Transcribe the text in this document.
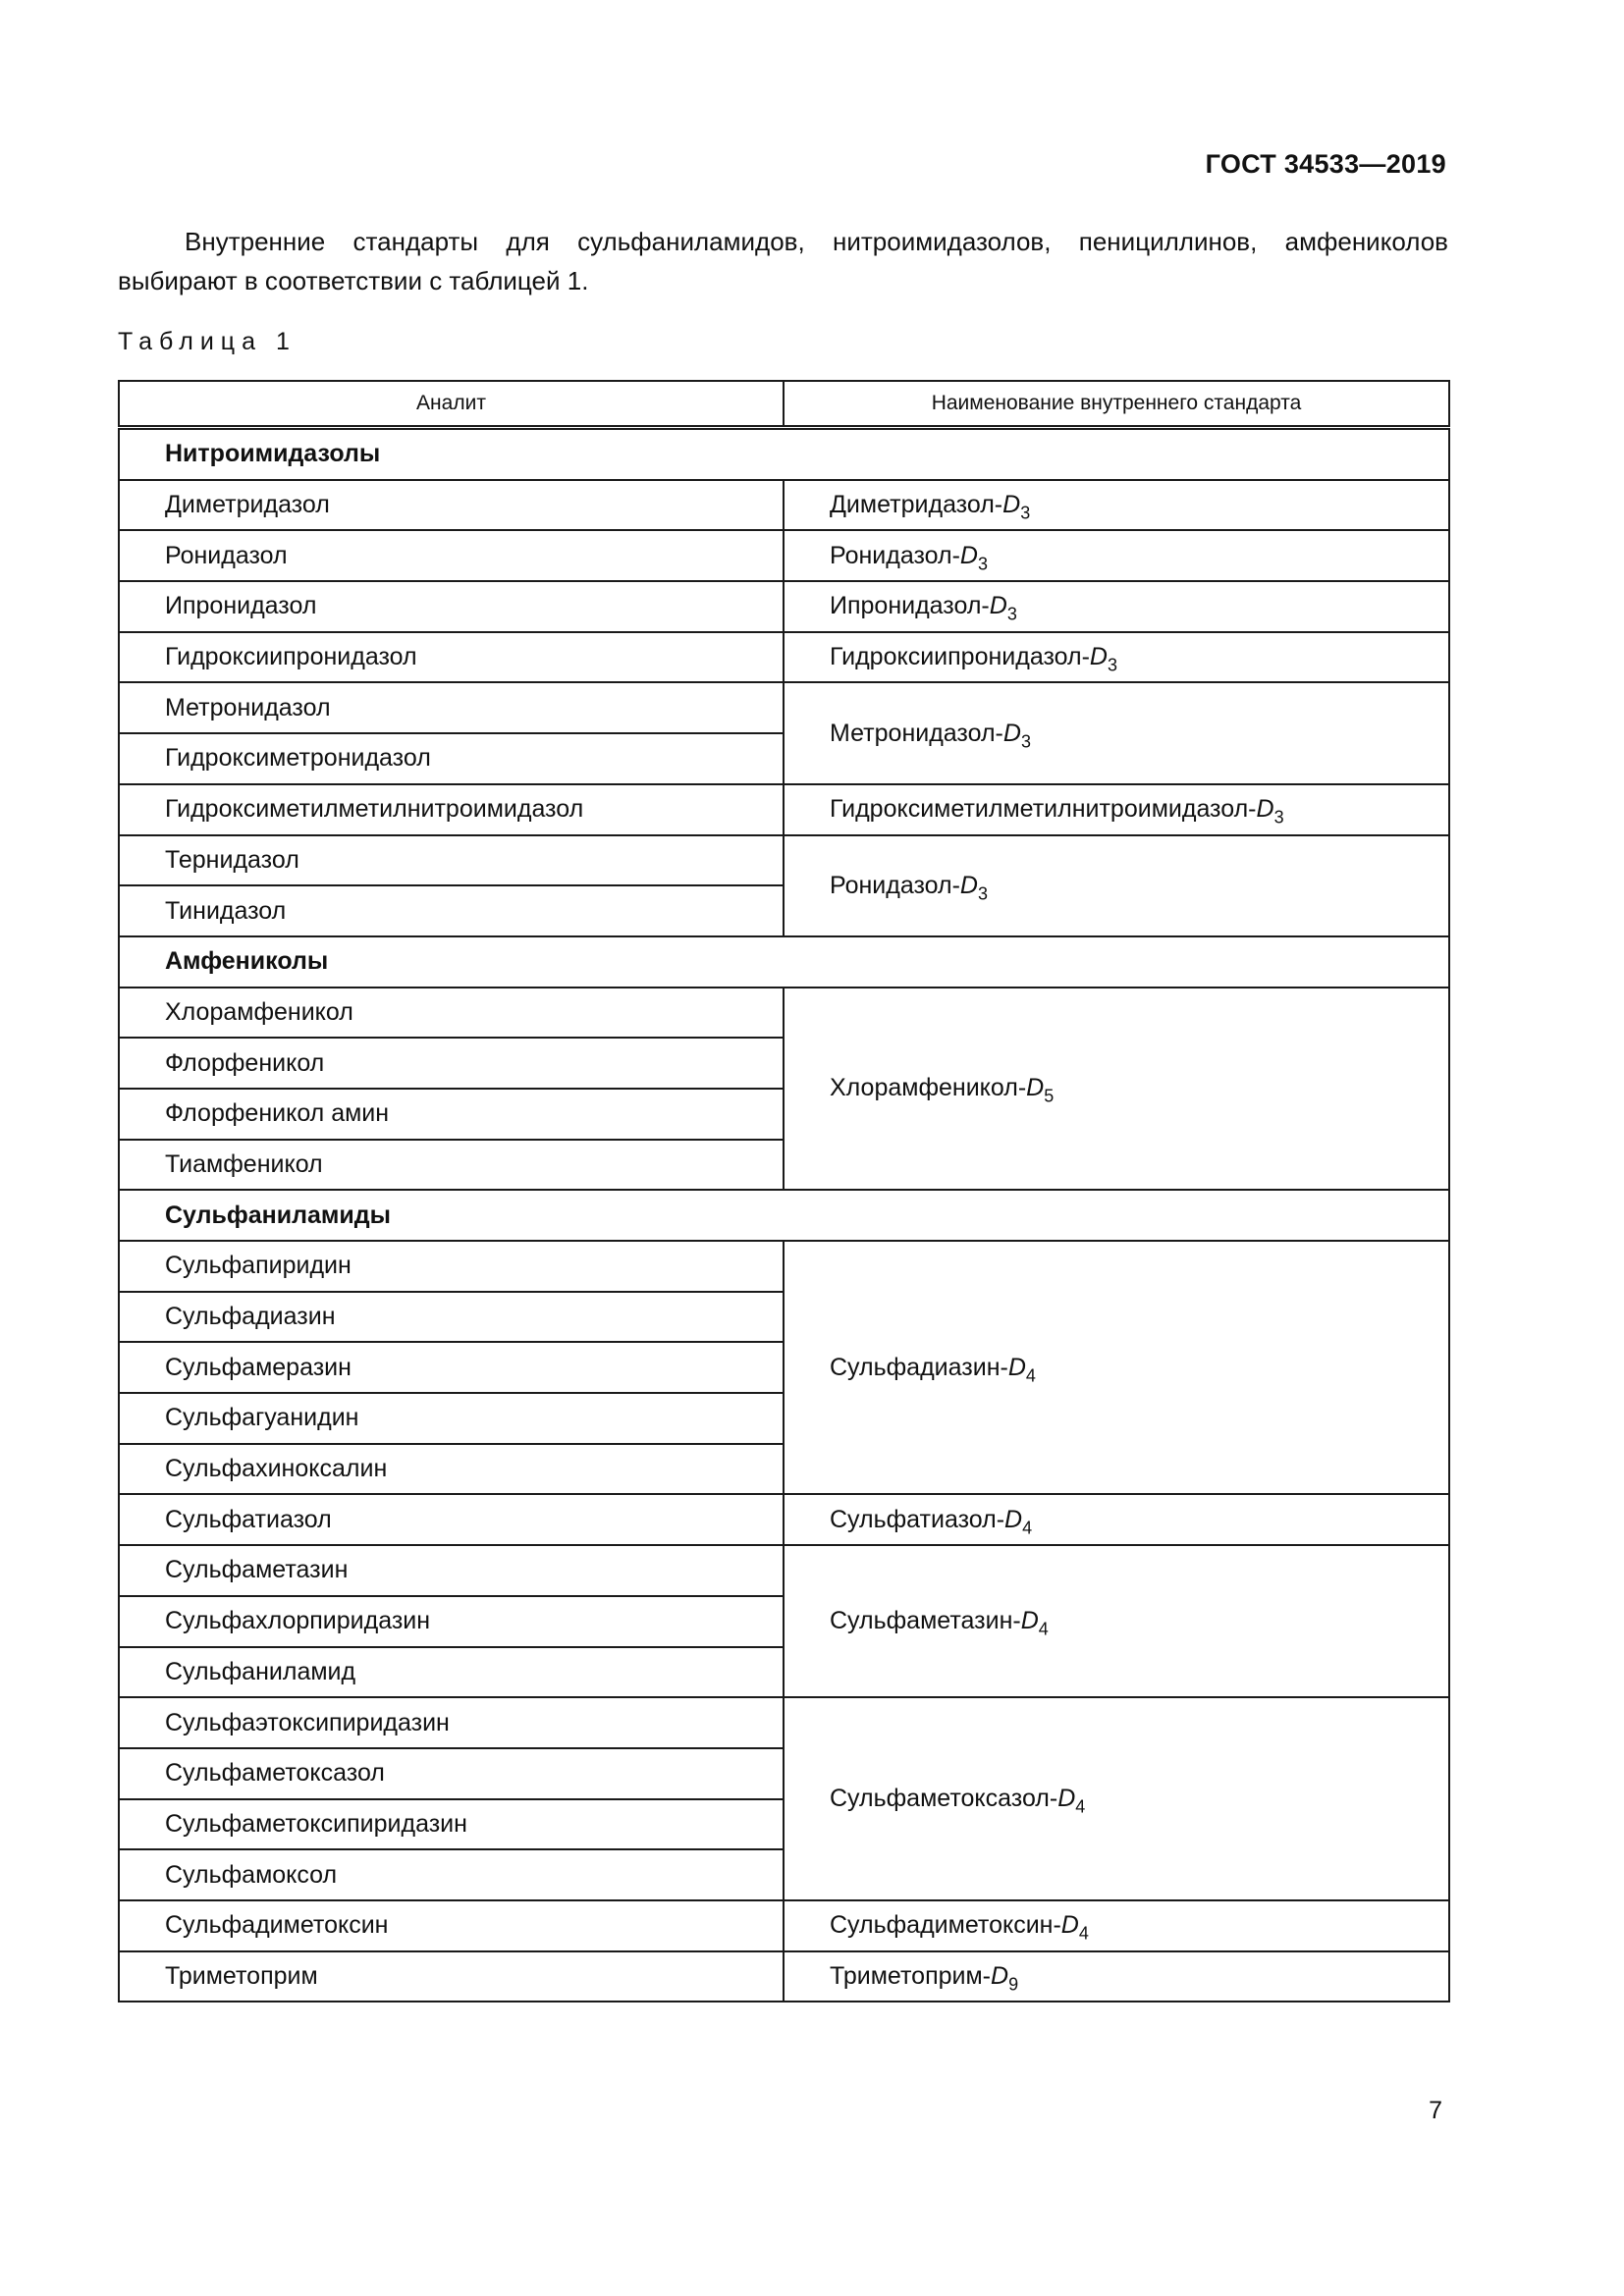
ГОСТ 34533—2019

Внутренние стандарты для сульфаниламидов, нитроимидазолов, пенициллинов, амфениколов выбирают в соответствии с таблицей 1.

Таблица 1
Аналит	Наименование внутреннего стандарта
Нитроимидазолы	
Диметридазол	Диметридазол-$D_3$
Ронидазол	Ронидазол-$D_3$
Ипронидазол	Ипронидазол-$D_3$
Гидроксиипронидазол	Гидроксиипронидазол-$D_3$
Метронидазол	Метронидазол-$D_3$
Гидроксиметронидазол	
Гидроксиметилметилнитроимидазол	Гидроксиметилметилнитроимидазол-$D_3$
Тернидазол	Ронидазол-$D_3$
Тинидазол	
Амфениколы	
Хлорамфеникол	Хлорамфеникол-$D_5$
Флорфеникол	
Флорфеникол амин	
Тиамфеникол	
Сульфаниламиды	
Сульфапиридин	Сульфадиазин-$D_4$
Сульфадиазин	
Сульфамеразин	
Сульфагуанидин	
Сульфахиноксалин	
Сульфатиазол	Сульфатиазол-$D_4$
Сульфаметазин	Сульфаметазин-$D_4$
Сульфахлорпиридазин	
Сульфаниламид	
Сульфаэтоксипиридазин	Сульфаметоксазол-$D_4$
Сульфаметоксазол	
Сульфаметоксипиридазин	
Сульфамоксол	
Сульфадиметоксин	Сульфадиметоксин-$D_4$
Триметоприм	Триметоприм-$D_9$
7
